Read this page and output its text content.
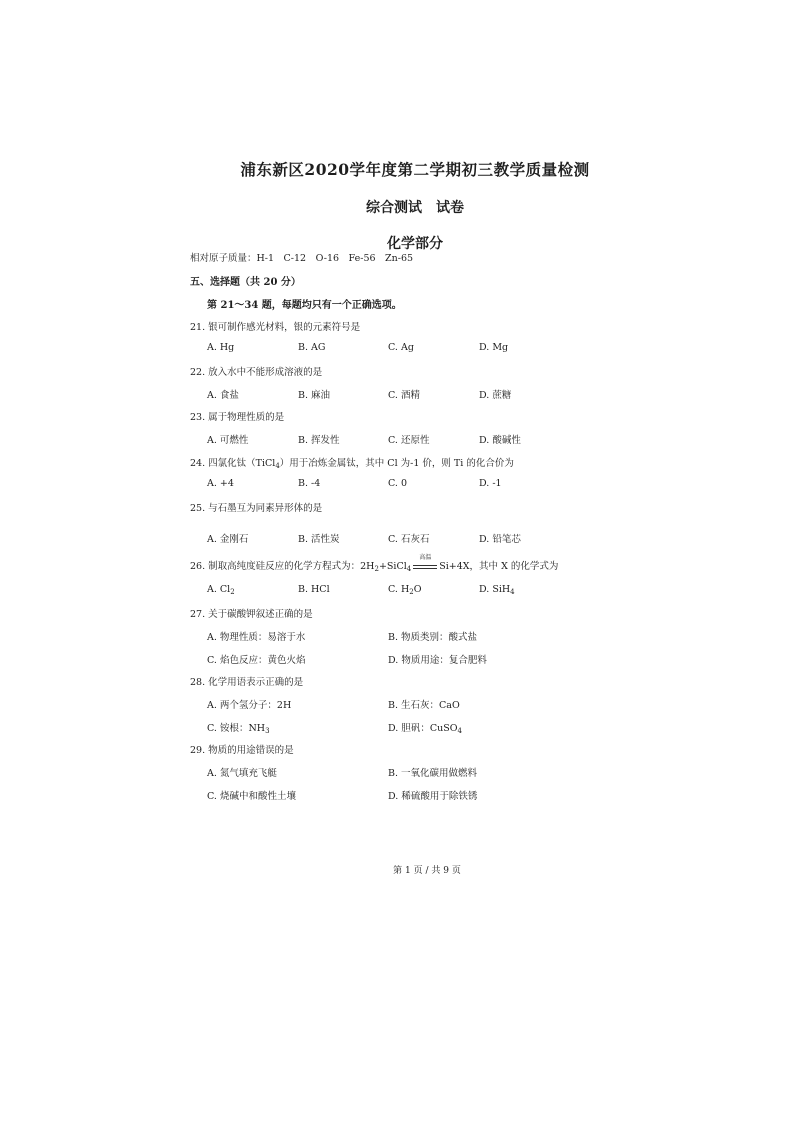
浦东新区2020学年度第二学期初三教学质量检测
综合测试　试卷
化学部分
相对原子质量：H-1　C-12　O-16　Fe-56　Zn-65
五、选择题（共 20 分）
第 21～34 题，每题均只有一个正确选项。
21. 银可制作感光材料，银的元素符号是
A. Hg	B. AG	C. Ag	D. Mg
22. 放入水中不能形成溶液的是
A. 食盐	B. 麻油	C. 酒精	D. 蔗糖
23. 属于物理性质的是
A. 可燃性	B. 挥发性	C. 还原性	D. 酸碱性
24. 四氯化钛（TiCl$_4$）用于冶炼金属钛，其中 Cl 为-1 价，则 Ti 的化合价为
A. +4	B. -4	C. 0	D. -1
25. 与石墨互为同素异形体的是
A. 金刚石	B. 活性炭	C. 石灰石	D. 铅笔芯
26. 制取高纯度硅反应的化学方程式为：$2H_2+SiCl_4$
高温
Si+4X，其中 X 的化学式为
A. $Cl_2$	B. HCl	C. $H_2O$	D. SiH$_4$
27. 关于碳酸钾叙述正确的是
A. 物理性质：易溶于水	B. 物质类别：酸式盐
C. 焰色反应：黄色火焰	D. 物质用途：复合肥料
28. 化学用语表示正确的是
A. 两个氢分子：2H	B. 生石灰：CaO
C. 铵根：$NH_3$	D. 胆矾：CuSO$_4$
29. 物质的用途错误的是
A. 氮气填充飞艇	B. 一氧化碳用做燃料
C. 烧碱中和酸性土壤	D. 稀硫酸用于除铁锈
第 1 页 / 共 9 页
